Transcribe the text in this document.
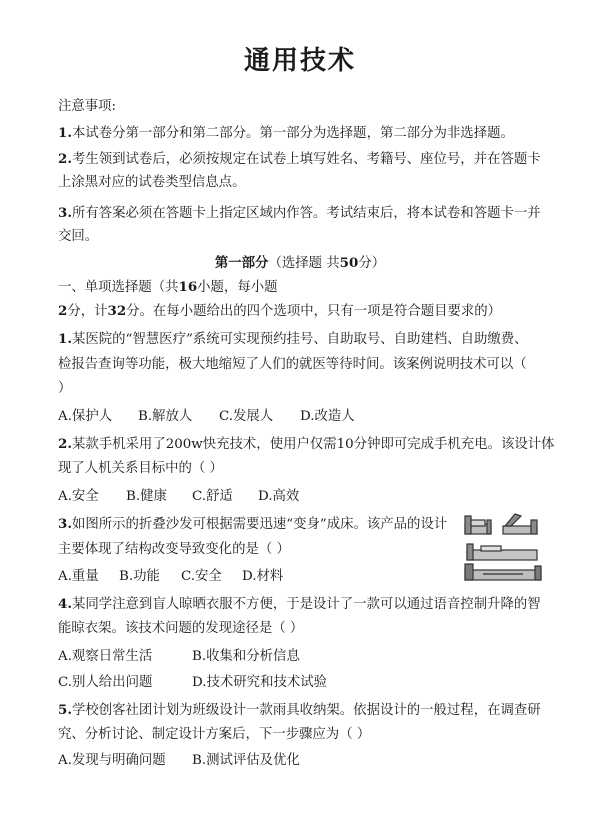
通用技术
注意事项:
1.本试卷分第一部分和第二部分。第一部分为选择题，第二部分为非选择题。
2.考生领到试卷后，必须按规定在试卷上填写姓名、考籍号、座位号，并在答题卡
上涂黑对应的试卷类型信息点。
3.所有答案必须在答题卡上指定区域内作答。考试结束后，将本试卷和答题卡一并
交回。
第一部分（选择题 共50分）
一、单项选择题（共16小题，每小题
2分，计32分。在每小题给出的四个选项中，只有一项是符合题目要求的）
1.某医院的“智慧医疗”系统可实现预约挂号、自助取号、自助建档、自助缴费、
检报告查询等功能，极大地缩短了人们的就医等待时间。该案例说明技术可以（
）
A.保护人 B.解放人 C.发展人 D.改造人
2.某款手机采用了200w快充技术，使用户仅需10分钟即可完成手机充电。该设计体
现了人机关系目标中的（ ）
A.安全 B.健康 C.舒适 D.高效
3.如图所示的折叠沙发可根据需要迅速“变身”成床。该产品的设计
主要体现了结构改变导致变化的是（ ）
A.重量 B.功能 C.安全 D.材料
4.某同学注意到盲人晾晒衣服不方便，于是设计了一款可以通过语音控制升降的智
能晾衣架。该技术问题的发现途径是（ ）
A.观察日常生活	B.收集和分析信息
C.别人给出问题	D.技术研究和技术试验
5.学校创客社团计划为班级设计一款雨具收纳架。依据设计的一般过程，在调查研
究、分析讨论、制定设计方案后，下一步骤应为（ ）
A.发现与明确问题 B.测试评估及优化
